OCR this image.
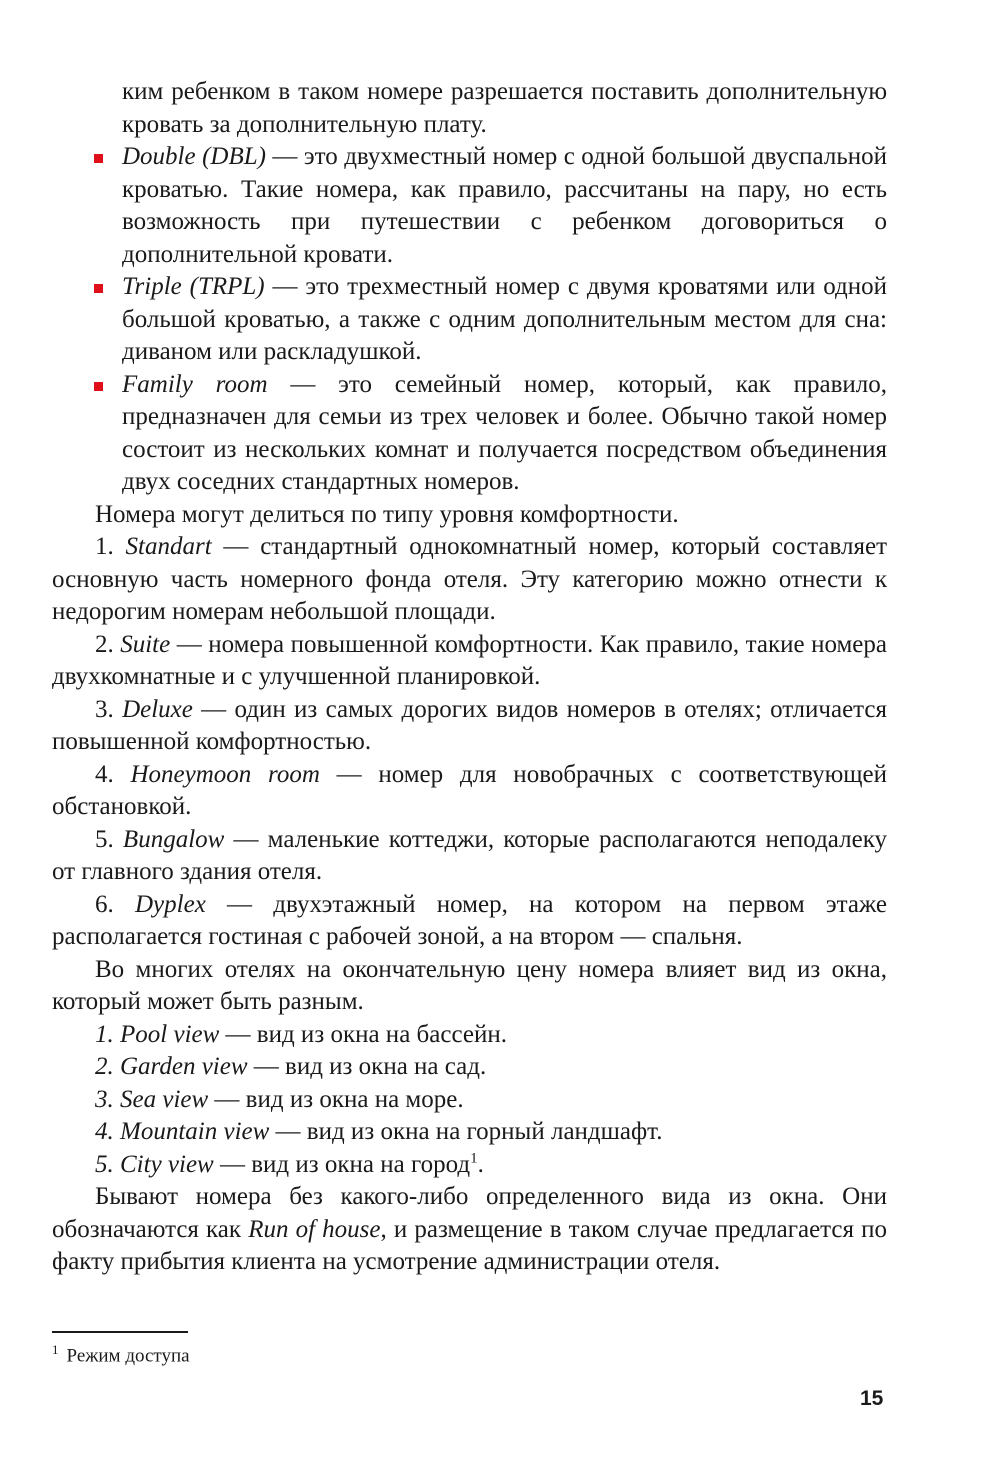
ким ребенком в таком номере разрешается поставить дополнительную кровать за дополнительную плату.
Double (DBL) — это двухместный номер с одной большой двуспальной кроватью. Такие номера, как правило, рассчитаны на пару, но есть возможность при путешествии с ребенком договориться о дополнительной кровати.
Triple (TRPL) — это трехместный номер с двумя кроватями или одной большой кроватью, а также с одним дополнительным местом для сна: диваном или раскладушкой.
Family room — это семейный номер, который, как правило, предназначен для семьи из трех человек и более. Обычно такой номер состоит из нескольких комнат и получается посредством объединения двух соседних стандартных номеров.

Номера могут делиться по типу уровня комфортности.

1. Standart — стандартный однокомнатный номер, который составляет основную часть номерного фонда отеля. Эту категорию можно отнести к недорогим номерам небольшой площади.

2. Suite — номера повышенной комфортности. Как правило, такие номера двухкомнатные и с улучшенной планировкой.

3. Deluxe — один из самых дорогих видов номеров в отелях; отличается повышенной комфортностью.

4. Honeymoon room — номер для новобрачных с соответствующей обстановкой.

5. Bungalow — маленькие коттеджи, которые располагаются неподалеку от главного здания отеля.

6. Dyplex — двухэтажный номер, на котором на первом этаже располагается гостиная с рабочей зоной, а на втором — спальня.

Во многих отелях на окончательную цену номера влияет вид из окна, который может быть разным.

1. Pool view — вид из окна на бассейн.

2. Garden view — вид из окна на сад.

3. Sea view — вид из окна на море.

4. Mountain view — вид из окна на горный ландшафт.

5. City view — вид из окна на город$^1$.

Бывают номера без какого-либо определенного вида из окна. Они обозначаются как Run of house, и размещение в таком случае предлагается по факту прибытия клиента на усмотрение администрации отеля.

$^1$ Режим доступа
15
